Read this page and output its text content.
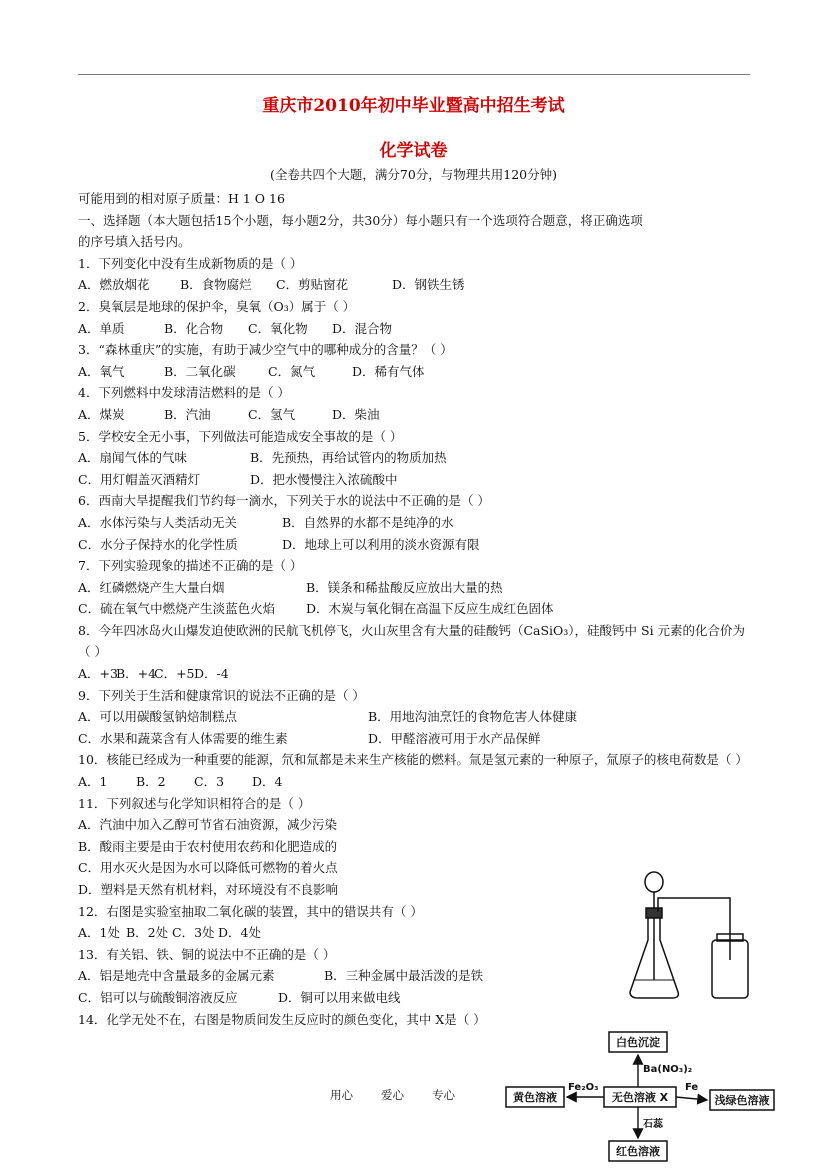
重庆市2010年初中毕业暨高中招生考试
化学试卷
(全卷共四个大题，满分70分，与物理共用120分钟)
可能用到的相对原子质量：H 1 O 16
一、选择题（本大题包括15个小题，每小题2分，共30分）每小题只有一个选项符合题意，将正确选项
的序号填入括号内。
1．下列变化中没有生成新物质的是（ ）
A．燃放烟花 B．食物腐烂 C．剪贴窗花	D．钢铁生锈
2．臭氧层是地球的保护伞，臭氧（O₃）属于（ ）
A．单质	B．化合物 C．氧化物 D．混合物
3．“森林重庆”的实施，有助于减少空气中的哪种成分的含量？（ ）
A．氧气	B．二氧化碳	C．氮气	D．稀有气体
4．下列燃料中发球清洁燃料的是（ ）
A．煤炭	B．汽油	C．氢气	D．柴油
5．学校安全无小事，下列做法可能造成安全事故的是（ ）
A．扇闻气体的气味	B．先预热，再给试管内的物质加热
C．用灯帽盖灭酒精灯	D．把水慢慢注入浓硫酸中
6．西南大旱提醒我们节约每一滴水，下列关于水的说法中不正确的是（ ）
A．水体污染与人类活动无关	B．自然界的水都不是纯净的水
C．水分子保持水的化学性质	D．地球上可以利用的淡水资源有限
7．下列实验现象的描述不正确的是（ ）
A．红磷燃烧产生大量白烟	B．镁条和稀盐酸反应放出大量的热
C．硫在氧气中燃烧产生淡蓝色火焰 D．木炭与氧化铜在高温下反应生成红色固体
8．今年四冰岛火山爆发迫使欧洲的民航飞机停飞，火山灰里含有大量的硅酸钙（CaSiO₃），硅酸钙中 Si 元素的化合价为（ ）
A．+3B．+4C．+5D．-4
9．下列关于生活和健康常识的说法不正确的是（ ）
A．可以用碳酸氢钠焙制糕点	B．用地沟油烹饪的食物危害人体健康
C．水果和蔬菜含有人体需要的维生素	D．甲醛溶液可用于水产品保鲜
10．核能已经成为一种重要的能源，氘和氚都是未来生产核能的燃料。氚是氢元素的一种原子，氚原子的核电荷数是（ ）
A．1 B．2 C．3 D．4
11．下列叙述与化学知识相符合的是（ ）
A．汽油中加入乙醇可节省石油资源，减少污染
B．酸雨主要是由于农村使用农药和化肥造成的
C．用水灭火是因为水可以降低可燃物的着火点
D．塑料是天然有机材料，对环境没有不良影响
12．右图是实验室抽取二氧化碳的装置，其中的错误共有（ ）
A．1处 B．2处 C．3处 D．4处
13．有关铝、铁、铜的说法中不正确的是（ ）
A．铝是地壳中含量最多的金属元素	B．三种金属中最活泼的是铁
C．铝可以与硫酸铜溶液反应	D．铜可以用来做电线
14．化学无处不在，右图是物质间发生反应时的颜色变化，其中 X是（ ）
白色沉淀
黄色溶液	无色溶液 X	浅绿色溶液
红色溶液
Ba(NO₃)₂
Fe₂O₃	Fe
石蕊
用心 爱心 专心
